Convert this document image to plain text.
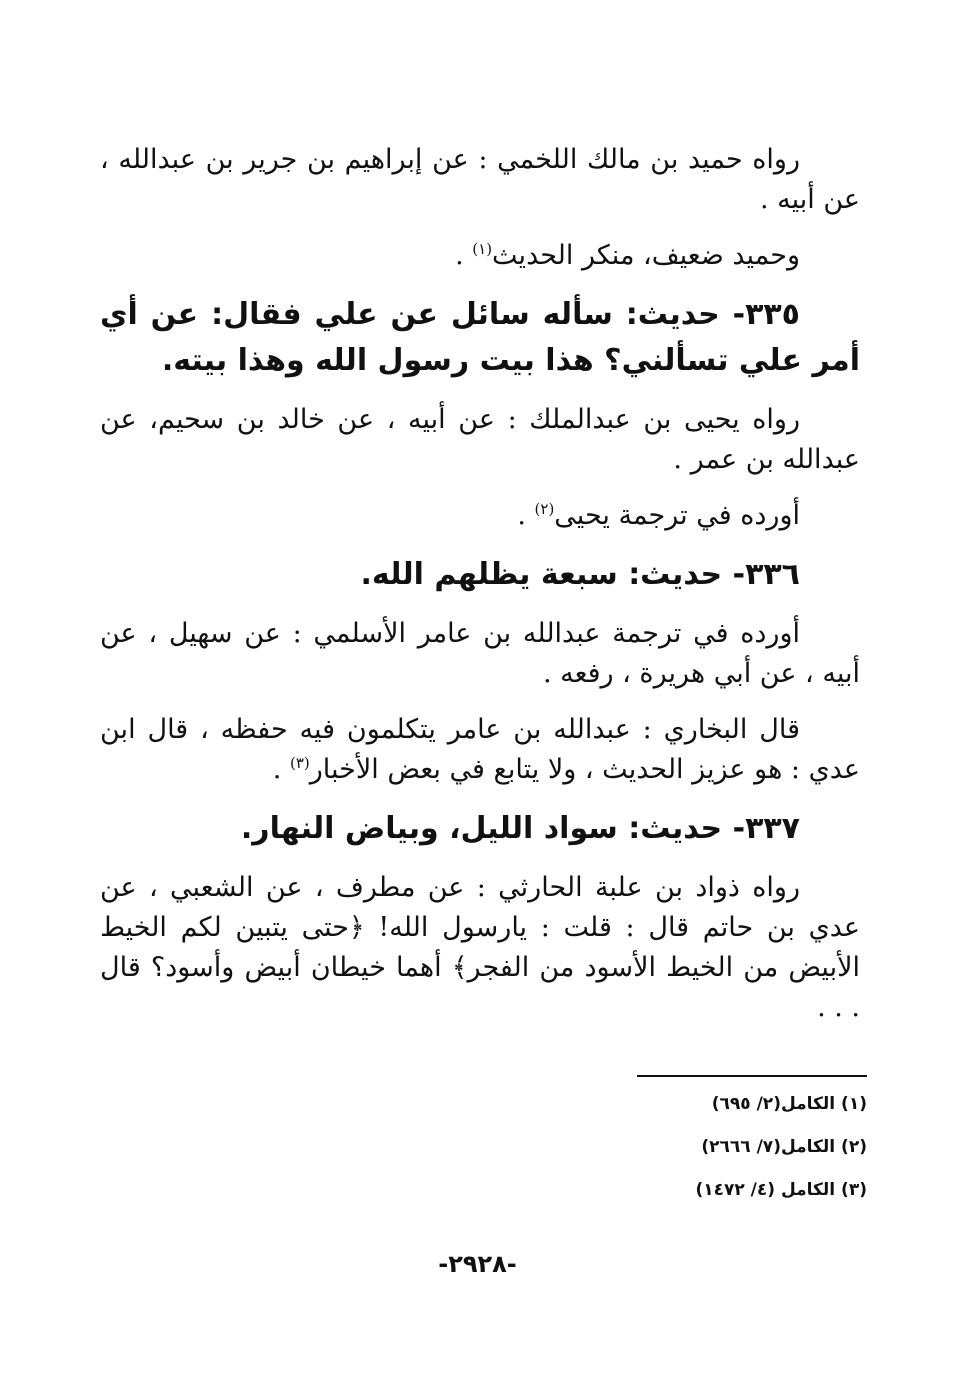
رواه حميد بن مالك اللخمي : عن إبراهيم بن جرير بن عبدالله ، عن أبيه .

وحميد ضعيف، منكر الحديث$^{(١)}$ .

٣٣٥- حديث: سأله سائل عن علي فقال: عن أي أمر علي تسألني؟ هذا بيت رسول الله وهذا بيته.

رواه يحيى بن عبدالملك : عن أبيه ، عن خالد بن سحيم، عن عبدالله بن عمر .

أورده في ترجمة يحيى$^{(٢)}$ .

٣٣٦- حديث: سبعة يظلهم الله.

أورده في ترجمة عبدالله بن عامر الأسلمي : عن سهيل ، عن أبيه ، عن أبي هريرة ، رفعه .

قال البخاري : عبدالله بن عامر يتكلمون فيه حفظه ، قال ابن عدي : هو عزيز الحديث ، ولا يتابع في بعض الأخبار$^{(٣)}$ .

٣٣٧- حديث: سواد الليل، وبياض النهار.

رواه ذواد بن علبة الحارثي : عن مطرف ، عن الشعبي ، عن عدي بن حاتم قال : قلت : يارسول الله! ﴿حتى يتبين لكم الخيط الأبيض من الخيط الأسود من الفجر﴾ أهما خيطان أبيض وأسود؟ قال . . .

(١) الكامل(٢/ ٦٩٥)
(٢) الكامل(٧/ ٢٦٦٦)
(٣) الكامل (٤/ ١٤٧٢)
-٢٩٢٨-
